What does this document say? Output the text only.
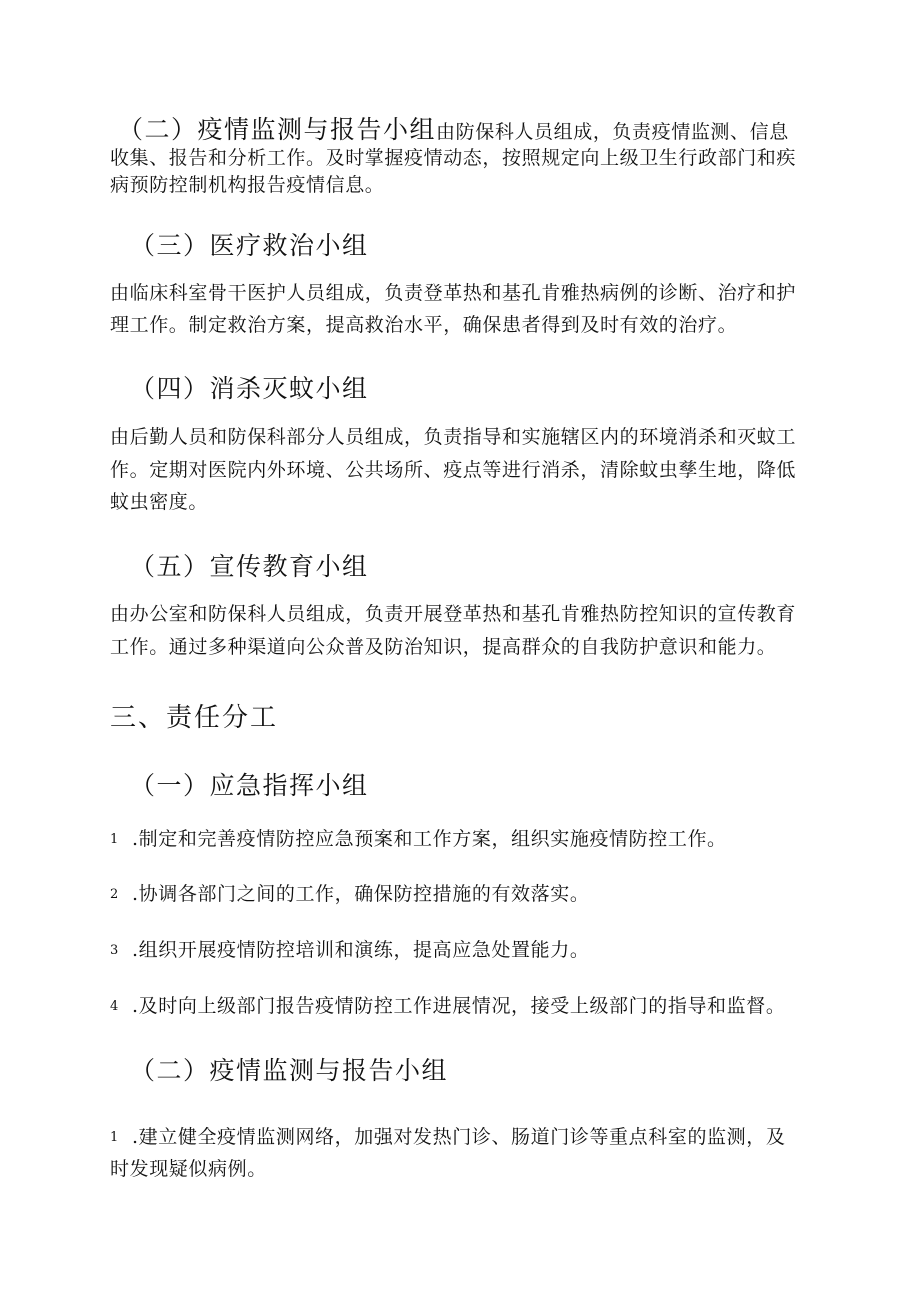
（二）疫情监测与报告小组由防保科人员组成，负责疫情监测、信息

收集、报告和分析工作。及时掌握疫情动态，按照规定向上级卫生行政部门和疾

病预防控制机构报告疫情信息。

（三）医疗救治小组

由临床科室骨干医护人员组成，负责登革热和基孔肯雅热病例的诊断、治疗和护

理工作。制定救治方案，提高救治水平，确保患者得到及时有效的治疗。

（四）消杀灭蚊小组

由后勤人员和防保科部分人员组成，负责指导和实施辖区内的环境消杀和灭蚊工

作。定期对医院内外环境、公共场所、疫点等进行消杀，清除蚊虫孳生地，降低

蚊虫密度。

（五）宣传教育小组

由办公室和防保科人员组成，负责开展登革热和基孔肯雅热防控知识的宣传教育

工作。通过多种渠道向公众普及防治知识，提高群众的自我防护意识和能力。

三、责任分工

（一）应急指挥小组

1 .制定和完善疫情防控应急预案和工作方案，组织实施疫情防控工作。

2 .协调各部门之间的工作，确保防控措施的有效落实。

3 .组织开展疫情防控培训和演练，提高应急处置能力。

4 .及时向上级部门报告疫情防控工作进展情况，接受上级部门的指导和监督。

（二）疫情监测与报告小组

1 .建立健全疫情监测网络，加强对发热门诊、肠道门诊等重点科室的监测，及

时发现疑似病例。
